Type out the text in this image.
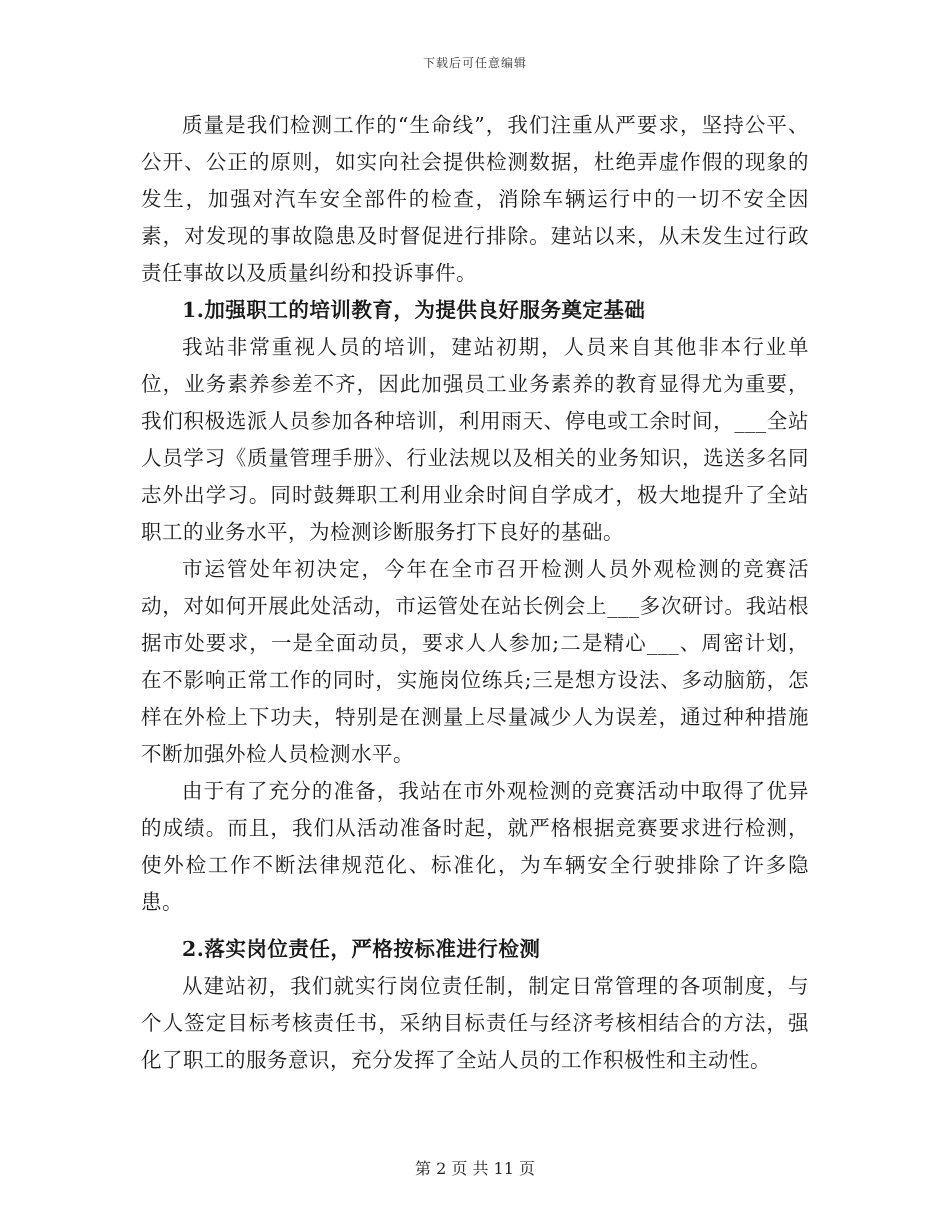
下载后可任意编辑

质量是我们检测工作的“生命线”，我们注重从严要求，坚持公平、公开、公正的原则，如实向社会提供检测数据，杜绝弄虚作假的现象的发生，加强对汽车安全部件的检查，消除车辆运行中的一切不安全因素，对发现的事故隐患及时督促进行排除。建站以来，从未发生过行政责任事故以及质量纠纷和投诉事件。

1.加强职工的培训教育，为提供良好服务奠定基础

我站非常重视人员的培训，建站初期，人员来自其他非本行业单位，业务素养参差不齐，因此加强员工业务素养的教育显得尤为重要，我们积极选派人员参加各种培训，利用雨天、停电或工余时间，___全站人员学习《质量管理手册》、行业法规以及相关的业务知识，选送多名同志外出学习。同时鼓舞职工利用业余时间自学成才，极大地提升了全站职工的业务水平，为检测诊断服务打下良好的基础。

市运管处年初决定，今年在全市召开检测人员外观检测的竞赛活动，对如何开展此处活动，市运管处在站长例会上___多次研讨。我站根据市处要求，一是全面动员，要求人人参加;二是精心___、周密计划，在不影响正常工作的同时，实施岗位练兵;三是想方设法、多动脑筋，怎样在外检上下功夫，特别是在测量上尽量减少人为误差，通过种种措施不断加强外检人员检测水平。

由于有了充分的准备，我站在市外观检测的竞赛活动中取得了优异的成绩。而且，我们从活动准备时起，就严格根据竞赛要求进行检测，使外检工作不断法律规范化、标准化，为车辆安全行驶排除了许多隐患。

2.落实岗位责任，严格按标准进行检测

从建站初，我们就实行岗位责任制，制定日常管理的各项制度，与个人签定目标考核责任书，采纳目标责任与经济考核相结合的方法，强化了职工的服务意识，充分发挥了全站人员的工作积极性和主动性。

第 2 页 共 11 页
